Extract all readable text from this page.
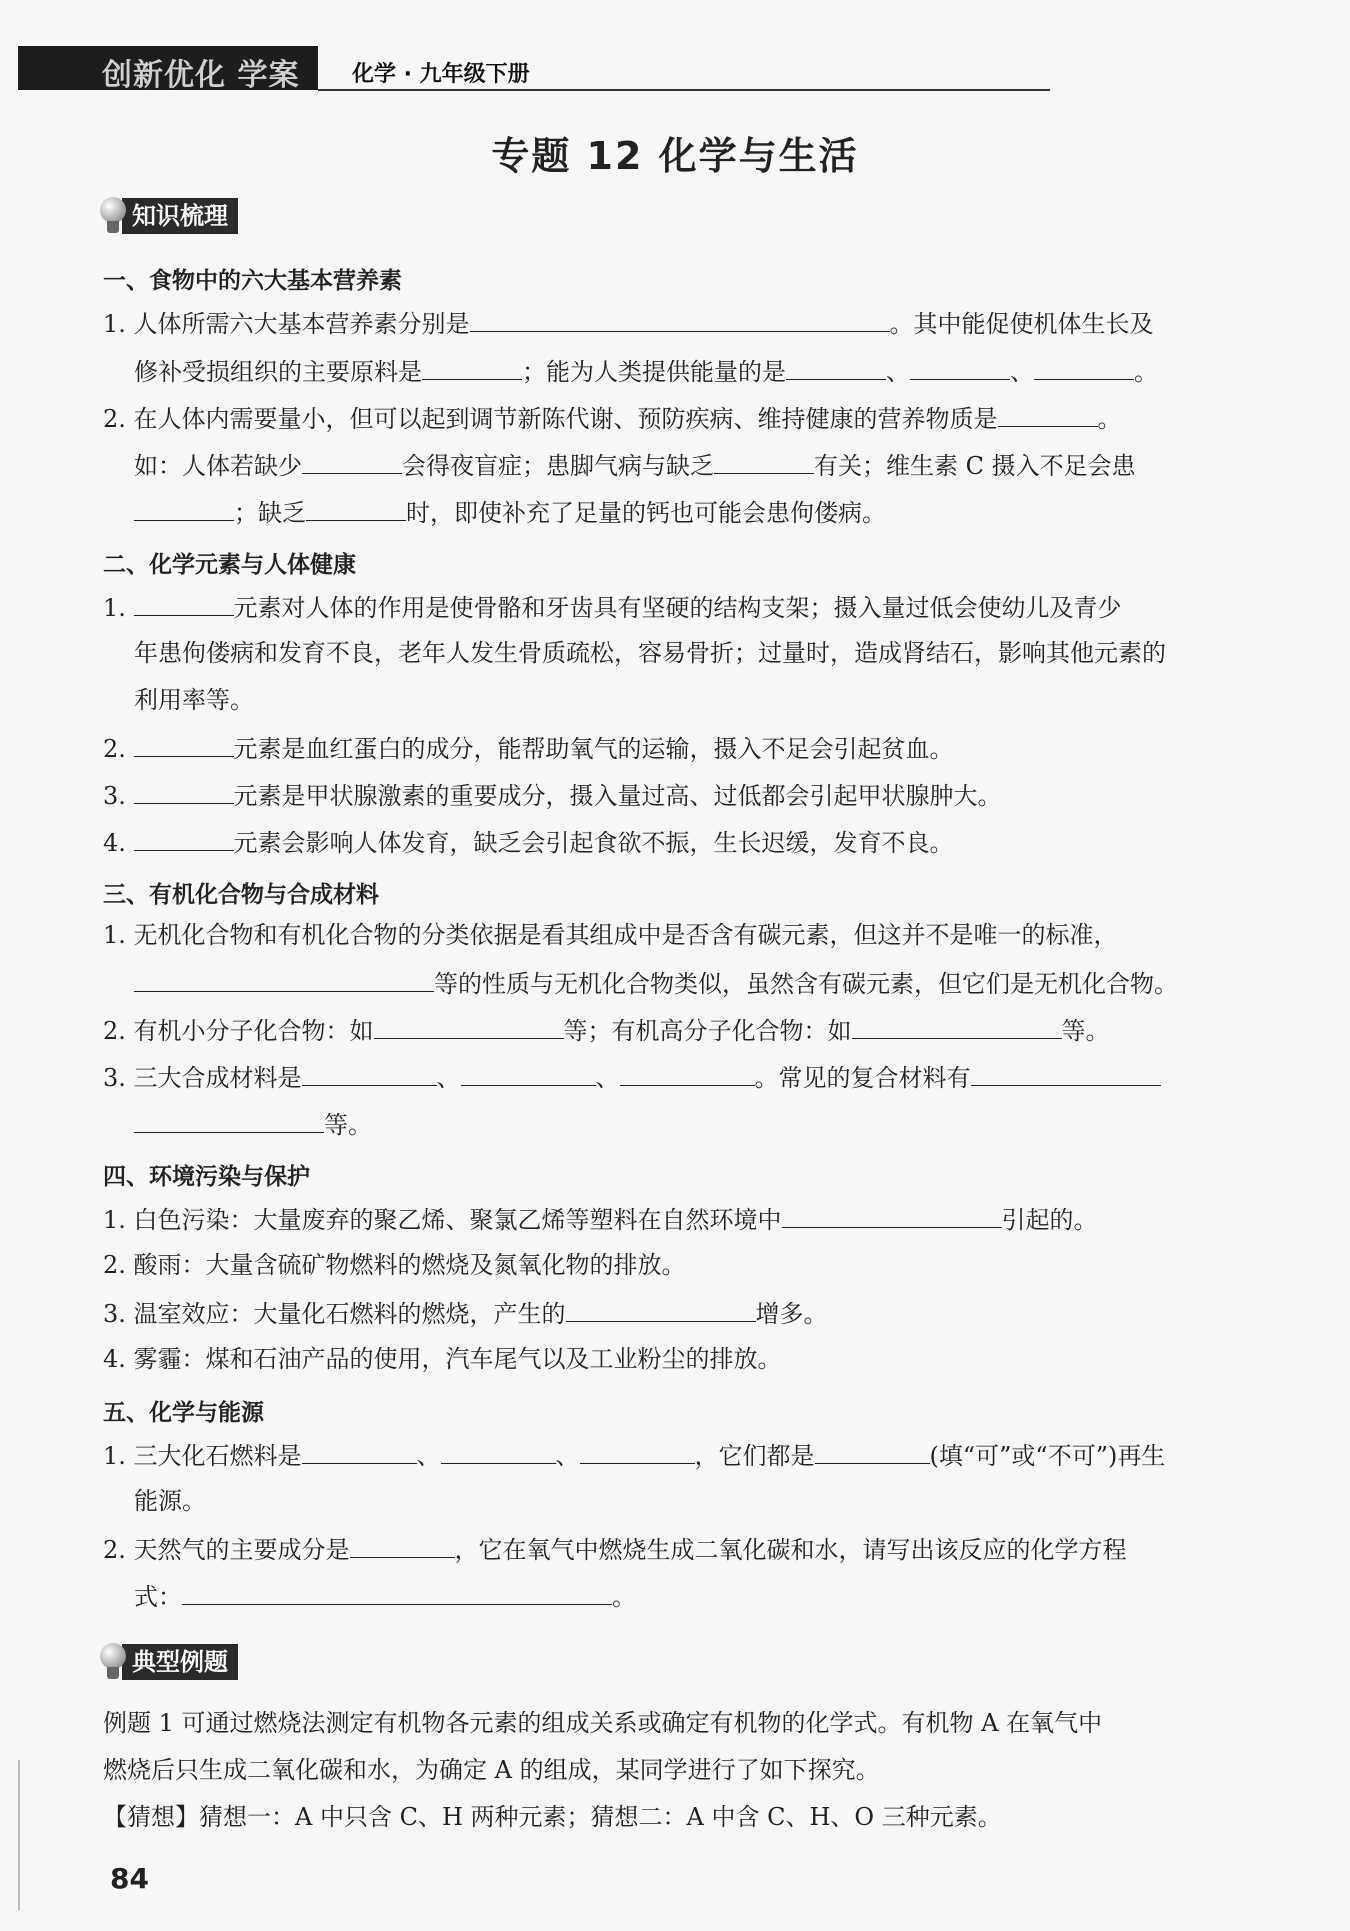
创新优化 学案 化学 · 九年级下册
专题 12 化学与生活
知识梳理
一、食物中的六大基本营养素
1. 人体所需六大基本营养素分别是	。其中能促使机体生长及
修补受损组织的主要原料是	；能为人类提供能量的是	、	、	。
2. 在人体内需要量小，但可以起到调节新陈代谢、预防疾病、维持健康的营养物质是	。
如：人体若缺少	会得夜盲症；患脚气病与缺乏	有关；维生素 C 摄入不足会患
；缺乏	时，即使补充了足量的钙也可能会患佝偻病。
二、化学元素与人体健康
1.	元素对人体的作用是使骨骼和牙齿具有坚硬的结构支架；摄入量过低会使幼儿及青少
年患佝偻病和发育不良，老年人发生骨质疏松，容易骨折；过量时，造成肾结石，影响其他元素的
利用率等。
2.	元素是血红蛋白的成分，能帮助氧气的运输，摄入不足会引起贫血。
3.	元素是甲状腺激素的重要成分，摄入量过高、过低都会引起甲状腺肿大。
4.	元素会影响人体发育，缺乏会引起食欲不振，生长迟缓，发育不良。
三、有机化合物与合成材料
1. 无机化合物和有机化合物的分类依据是看其组成中是否含有碳元素，但这并不是唯一的标准，
等的性质与无机化合物类似，虽然含有碳元素，但它们是无机化合物。
2. 有机小分子化合物：如	等；有机高分子化合物：如	等。
3. 三大合成材料是	、	、	。常见的复合材料有
等。
四、环境污染与保护
1. 白色污染：大量废弃的聚乙烯、聚氯乙烯等塑料在自然环境中	引起的。
2. 酸雨：大量含硫矿物燃料的燃烧及氮氧化物的排放。
3. 温室效应：大量化石燃料的燃烧，产生的	增多。
4. 雾霾：煤和石油产品的使用，汽车尾气以及工业粉尘的排放。
五、化学与能源
1. 三大化石燃料是	、	、	，它们都是	(填“可”或“不可”)再生
能源。
2. 天然气的主要成分是	，它在氧气中燃烧生成二氧化碳和水，请写出该反应的化学方程
式：	。
典型例题
例题 1 可通过燃烧法测定有机物各元素的组成关系或确定有机物的化学式。有机物 A 在氧气中
燃烧后只生成二氧化碳和水，为确定 A 的组成，某同学进行了如下探究。
【猜想】猜想一：A 中只含 C、H 两种元素；猜想二：A 中含 C、H、O 三种元素。
84
